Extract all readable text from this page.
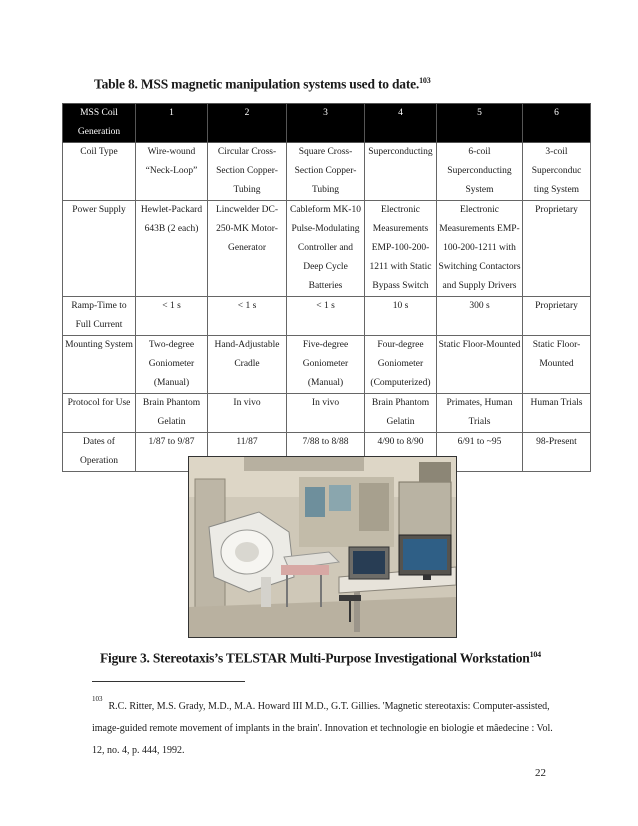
Table 8. MSS magnetic manipulation systems used to date.$^{103}$
MSS Coil Generation	1	2	3	4	5	6
Coil Type	Wire-wound “Neck-Loop”	Circular Cross-Section Copper-Tubing	Square Cross-Section Copper-Tubing	Superconducting	6-coil Superconducting System	3-coil Superconduc ting System
Power Supply	Hewlet-Packard 643B (2 each)	Lincwelder DC-250-MK Motor-Generator	Cableform MK-10 Pulse-Modulating Controller and Deep Cycle Batteries	Electronic Measurements EMP-100-200-1211 with Static Bypass Switch	Electronic Measurements EMP-100-200-1211 with Switching Contactors and Supply Drivers	Proprietary
Ramp-Time to Full Current	< 1 s	< 1 s	< 1 s	10 s	300 s	Proprietary
Mounting System	Two-degree Goniometer (Manual)	Hand-Adjustable Cradle	Five-degree Goniometer (Manual)	Four-degree Goniometer (Computerized)	Static Floor-Mounted	Static Floor-Mounted
Protocol for Use	Brain Phantom Gelatin	In vivo	In vivo	Brain Phantom Gelatin	Primates, Human Trials	Human Trials
Dates of Operation	1/87 to 9/87	11/87	7/88 to 8/88	4/90 to 8/90	6/91 to ~95	98-Present
Figure 3. Stereotaxis’s TELSTAR Multi-Purpose Investigational Workstation$^{104}$
$^{103}$R.C. Ritter, M.S. Grady, M.D., M.A. Howard III M.D., G.T. Gillies. 'Magnetic stereotaxis: Computer-assisted, image-guided remote movement of implants in the brain'. Innovation et technologie en biologie et mâedecine : Vol. 12, no. 4, p. 444, 1992.
22
